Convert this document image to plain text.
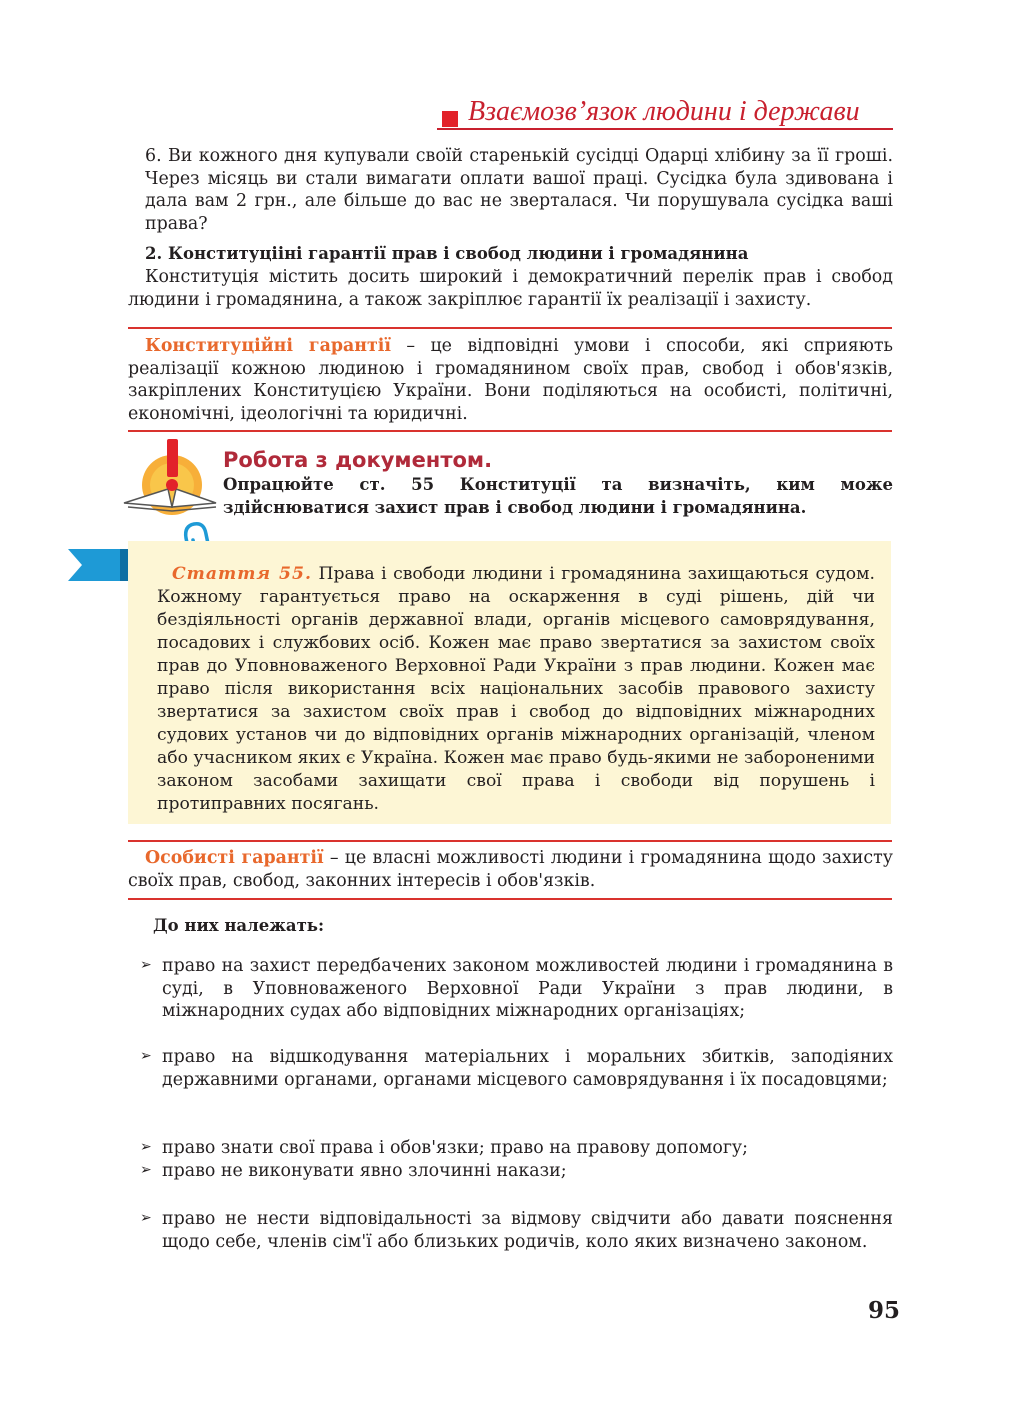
Взаємозв’язок людини і держави

6. Ви кожного дня купували своїй старенькій сусідці Одарці хлібину за її гроші. Через місяць ви стали вимагати оплати вашої праці. Сусідка була здивована і дала вам 2 грн., але більше до вас не зверталася. Чи порушувала сусідка ваші права?

2. Конституцііні гарантії прав і свобод людини і громадянина

Конституція містить досить широкий і демократичний перелік прав і свобод людини і громадянина, а також закріплює гарантії їх реалізації і захисту.

Конституційні гарантії – це відповідні умови і способи, які сприяють реалізації кожною людиною і громадянином своїх прав, свобод і обов'язків, закріплених Конституцією України. Вони поділяються на особисті, політичні, економічні, ідеологічні та юридичні.

Робота з документом.
Опрацюйте ст. 55 Конституції та визначіть, ким може здійснюватися захист прав і свобод людини і громадянина.

Стаття 55. Права і свободи людини і громадянина захищаються судом. Кожному гарантується право на оскарження в суді рішень, дій чи бездіяльності органів державної влади, органів місцевого самоврядування, посадових і службових осіб. Кожен має право звертатися за захистом своїх прав до Уповноваженого Верховної Ради України з прав людини. Кожен має право після використання всіх національних засобів правового захисту звертатися за захистом своїх прав і свобод до відповідних міжнародних судових установ чи до відповідних органів міжнародних організацій, членом або учасником яких є Україна. Кожен має право будь-якими не забороненими законом засобами захищати свої права і свободи від порушень і протиправних посягань.

Особисті гарантії – це власні можливості людини і громадянина щодо захисту своїх прав, свобод, законних інтересів і обов'язків.

До них належать:
➢ право на захист передбачених законом можливостей людини і громадянина в суді, в Уповноваженого Верховної Ради України з прав людини, в міжнародних судах або відповідних міжнародних організаціях;

➢ право на відшкодування матеріальних і моральних збитків, заподіяних державними органами, органами місцевого самоврядування і їх посадовцями;

➢ право знати свої права і обов'язки; право на правову допомогу;

➢ право не виконувати явно злочинні накази;

➢ право не нести відповідальності за відмову свідчити або давати пояснення щодо себе, членів сім'ї або близьких родичів, коло яких визначено законом.

95
